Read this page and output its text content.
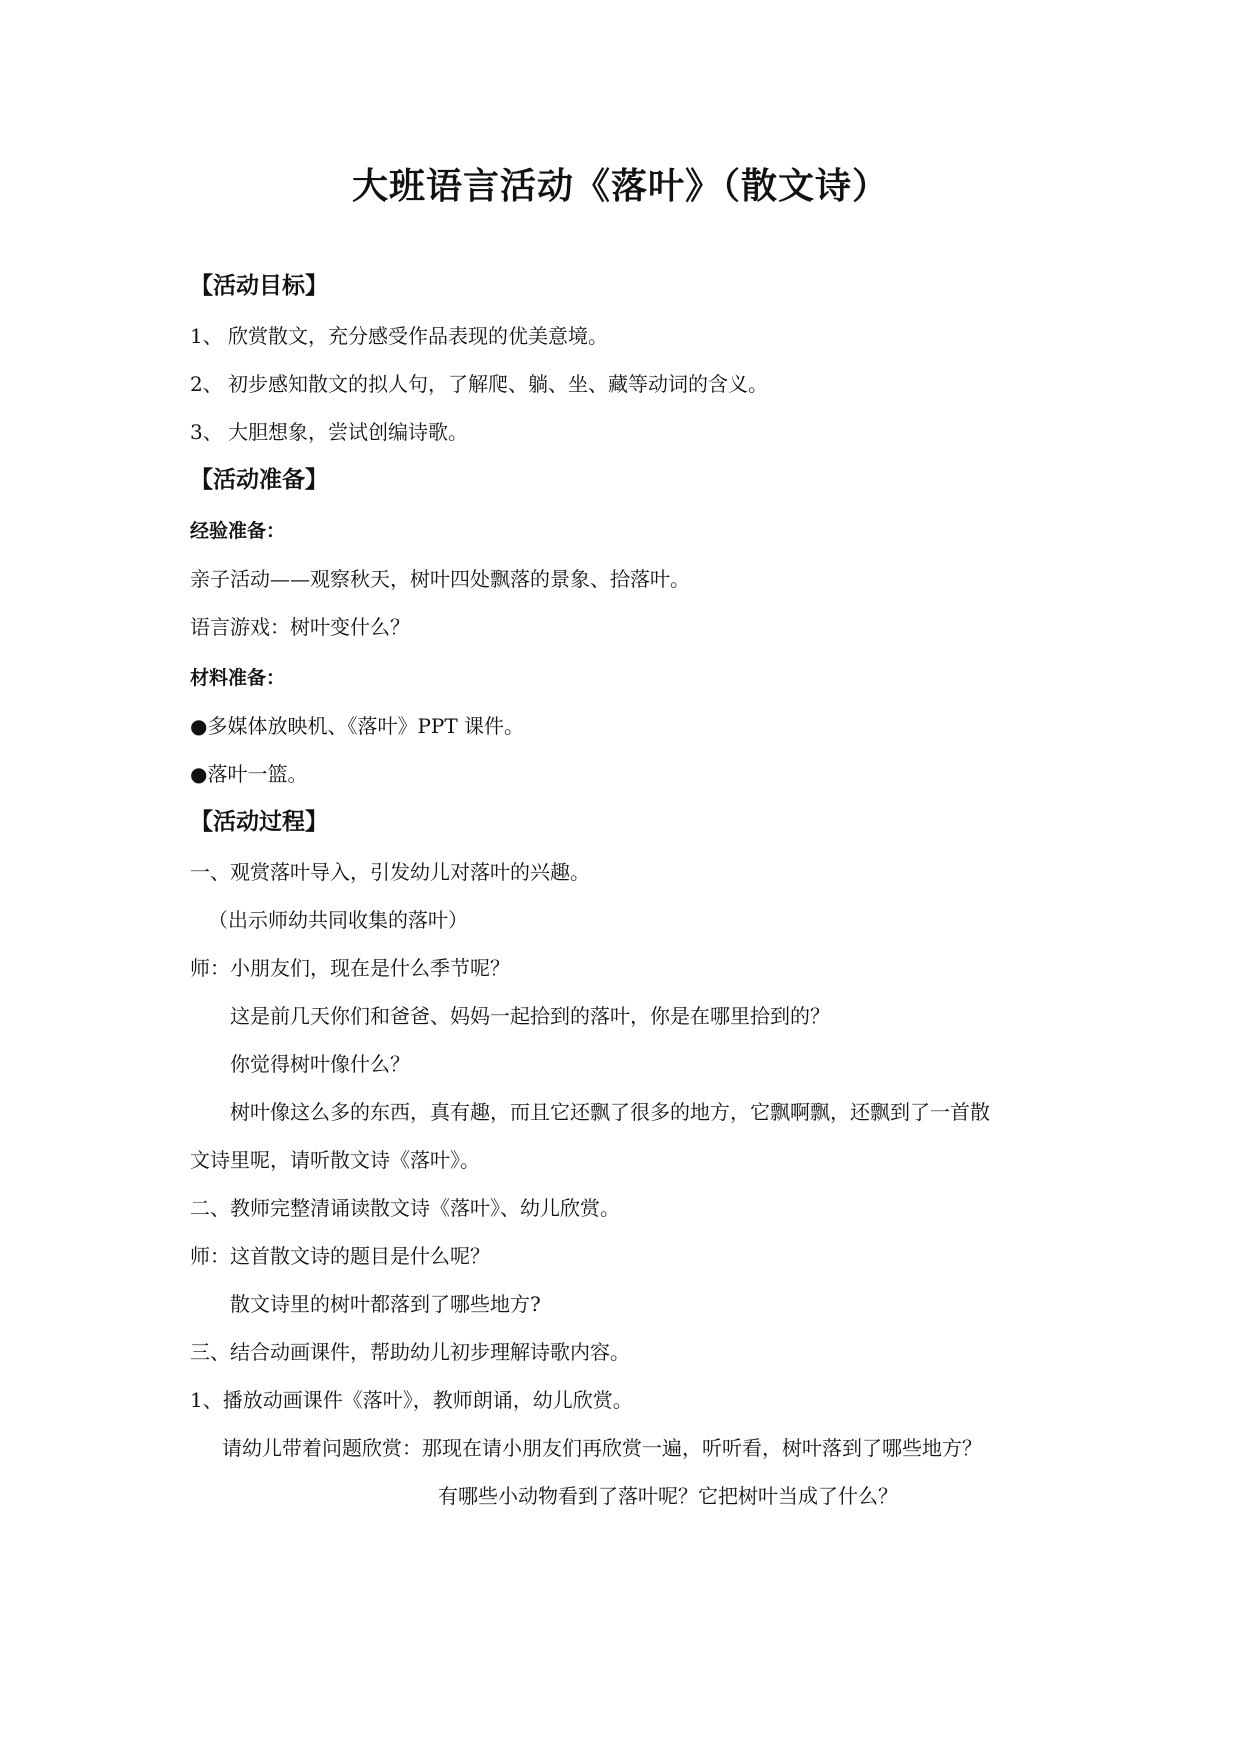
大班语言活动《落叶》（散文诗）
【活动目标】
1、 欣赏散文，充分感受作品表现的优美意境。
2、 初步感知散文的拟人句，了解爬、躺、坐、藏等动词的含义。
3、 大胆想象，尝试创编诗歌。
【活动准备】
经验准备：
亲子活动——观察秋天，树叶四处飘落的景象、拾落叶。
语言游戏：树叶变什么？
材料准备：
●多媒体放映机、《落叶》PPT 课件。
●落叶一篮。
【活动过程】
一、观赏落叶导入，引发幼儿对落叶的兴趣。
（出示师幼共同收集的落叶）
师：小朋友们，现在是什么季节呢？
这是前几天你们和爸爸、妈妈一起拾到的落叶，你是在哪里拾到的？
你觉得树叶像什么？
树叶像这么多的东西，真有趣，而且它还飘了很多的地方，它飘啊飘，还飘到了一首散
文诗里呢，请听散文诗《落叶》。
二、教师完整清诵读散文诗《落叶》、幼儿欣赏。
师：这首散文诗的题目是什么呢？
散文诗里的树叶都落到了哪些地方?
三、结合动画课件，帮助幼儿初步理解诗歌内容。
1、播放动画课件《落叶》，教师朗诵，幼儿欣赏。
请幼儿带着问题欣赏：那现在请小朋友们再欣赏一遍，听听看，树叶落到了哪些地方？
有哪些小动物看到了落叶呢？它把树叶当成了什么？
